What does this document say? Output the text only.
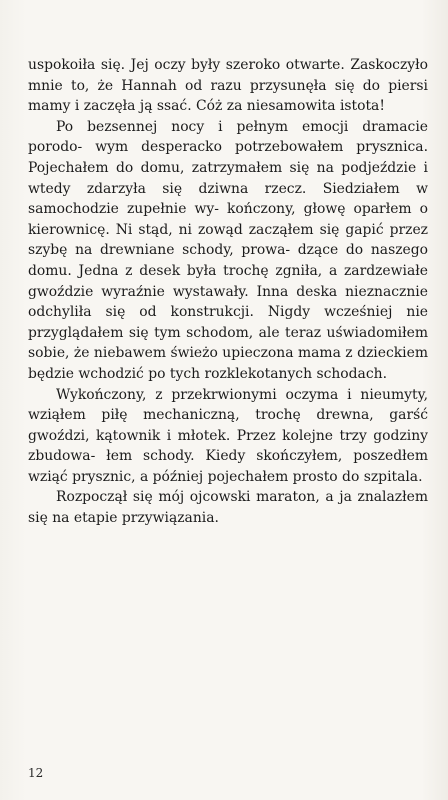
uspokoiła się. Jej oczy były szeroko otwarte. Zaskoczyło mnie to, że Hannah od razu przysunęła się do piersi mamy i zaczęła ją ssać. Cóż za niesamowita istota!

Po bezsennej nocy i pełnym emocji dramacie porodo- wym desperacko potrzebowałem prysznica. Pojechałem do domu, zatrzymałem się na podjeździe i wtedy zdarzyła się dziwna rzecz. Siedziałem w samochodzie zupełnie wy- kończony, głowę oparłem o kierownicę. Ni stąd, ni zowąd zacząłem się gapić przez szybę na drewniane schody, prowa- dzące do naszego domu. Jedna z desek była trochę zgniła, a zardzewiałe gwoździe wyraźnie wystawały. Inna deska nieznacznie odchyliła się od konstrukcji. Nigdy wcześniej nie przyglądałem się tym schodom, ale teraz uświadomiłem sobie, że niebawem świeżo upieczona mama z dzieckiem będzie wchodzić po tych rozklekotanych schodach.

Wykończony, z przekrwionymi oczyma i nieumyty, wziąłem piłę mechaniczną, trochę drewna, garść gwoździ, kątownik i młotek. Przez kolejne trzy godziny zbudowa- łem schody. Kiedy skończyłem, poszedłem wziąć prysznic, a później pojechałem prosto do szpitala.

Rozpoczął się mój ojcowski maraton, a ja znalazłem się na etapie przywiązania.

12
